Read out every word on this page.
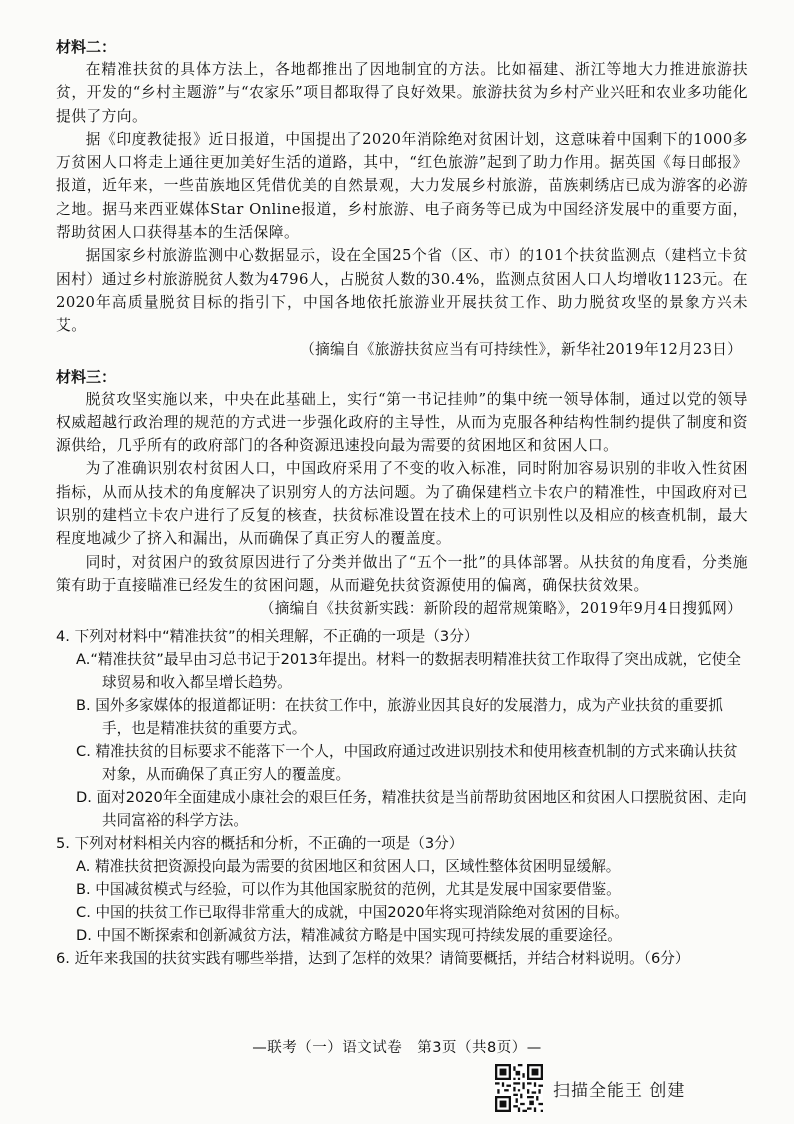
材料二：

在精准扶贫的具体方法上，各地都推出了因地制宜的方法。比如福建、浙江等地大力推进旅游扶贫，开发的“乡村主题游”与“农家乐”项目都取得了良好效果。旅游扶贫为乡村产业兴旺和农业多功能化提供了方向。

据《印度教徒报》近日报道，中国提出了2020年消除绝对贫困计划，这意味着中国剩下的1000多万贫困人口将走上通往更加美好生活的道路，其中，“红色旅游”起到了助力作用。据英国《每日邮报》报道，近年来，一些苗族地区凭借优美的自然景观，大力发展乡村旅游，苗族刺绣店已成为游客的必游之地。据马来西亚媒体Star Online报道，乡村旅游、电子商务等已成为中国经济发展中的重要方面，帮助贫困人口获得基本的生活保障。

据国家乡村旅游监测中心数据显示，设在全国25个省（区、市）的101个扶贫监测点（建档立卡贫困村）通过乡村旅游脱贫人数为4796人，占脱贫人数的30.4%，监测点贫困人口人均增收1123元。在2020年高质量脱贫目标的指引下，中国各地依托旅游业开展扶贫工作、助力脱贫攻坚的景象方兴未艾。

（摘编自《旅游扶贫应当有可持续性》，新华社2019年12月23日）

材料三：

脱贫攻坚实施以来，中央在此基础上，实行“第一书记挂帅”的集中统一领导体制，通过以党的领导权威超越行政治理的规范的方式进一步强化政府的主导性，从而为克服各种结构性制约提供了制度和资源供给，几乎所有的政府部门的各种资源迅速投向最为需要的贫困地区和贫困人口。

为了准确识别农村贫困人口，中国政府采用了不变的收入标准，同时附加容易识别的非收入性贫困指标，从而从技术的角度解决了识别穷人的方法问题。为了确保建档立卡农户的精准性，中国政府对已识别的建档立卡农户进行了反复的核查，扶贫标准设置在技术上的可识别性以及相应的核查机制，最大程度地减少了挤入和漏出，从而确保了真正穷人的覆盖度。

同时，对贫困户的致贫原因进行了分类并做出了“五个一批”的具体部署。从扶贫的角度看，分类施策有助于直接瞄准已经发生的贫困问题，从而避免扶贫资源使用的偏离，确保扶贫效果。

（摘编自《扶贫新实践：新阶段的超常规策略》，2019年9月4日搜狐网）

4. 下列对材料中“精准扶贫”的相关理解，不正确的一项是（3分）

A.“精准扶贫”最早由习总书记于2013年提出。材料一的数据表明精准扶贫工作取得了突出成就，它使全球贸易和收入都呈增长趋势。

B. 国外多家媒体的报道都证明：在扶贫工作中，旅游业因其良好的发展潜力，成为产业扶贫的重要抓手，也是精准扶贫的重要方式。

C. 精准扶贫的目标要求不能落下一个人，中国政府通过改进识别技术和使用核查机制的方式来确认扶贫对象，从而确保了真正穷人的覆盖度。

D. 面对2020年全面建成小康社会的艰巨任务，精准扶贫是当前帮助贫困地区和贫困人口摆脱贫困、走向共同富裕的科学方法。

5. 下列对材料相关内容的概括和分析，不正确的一项是（3分）

A. 精准扶贫把资源投向最为需要的贫困地区和贫困人口，区域性整体贫困明显缓解。

B. 中国减贫模式与经验，可以作为其他国家脱贫的范例，尤其是发展中国家要借鉴。

C. 中国的扶贫工作已取得非常重大的成就，中国2020年将实现消除绝对贫困的目标。

D. 中国不断探索和创新减贫方法，精准减贫方略是中国实现可持续发展的重要途径。

6. 近年来我国的扶贫实践有哪些举措，达到了怎样的效果？请简要概括，并结合材料说明。（6分）

—联考（一）语文试卷　第3页（共8页）—
扫描全能王 创建
